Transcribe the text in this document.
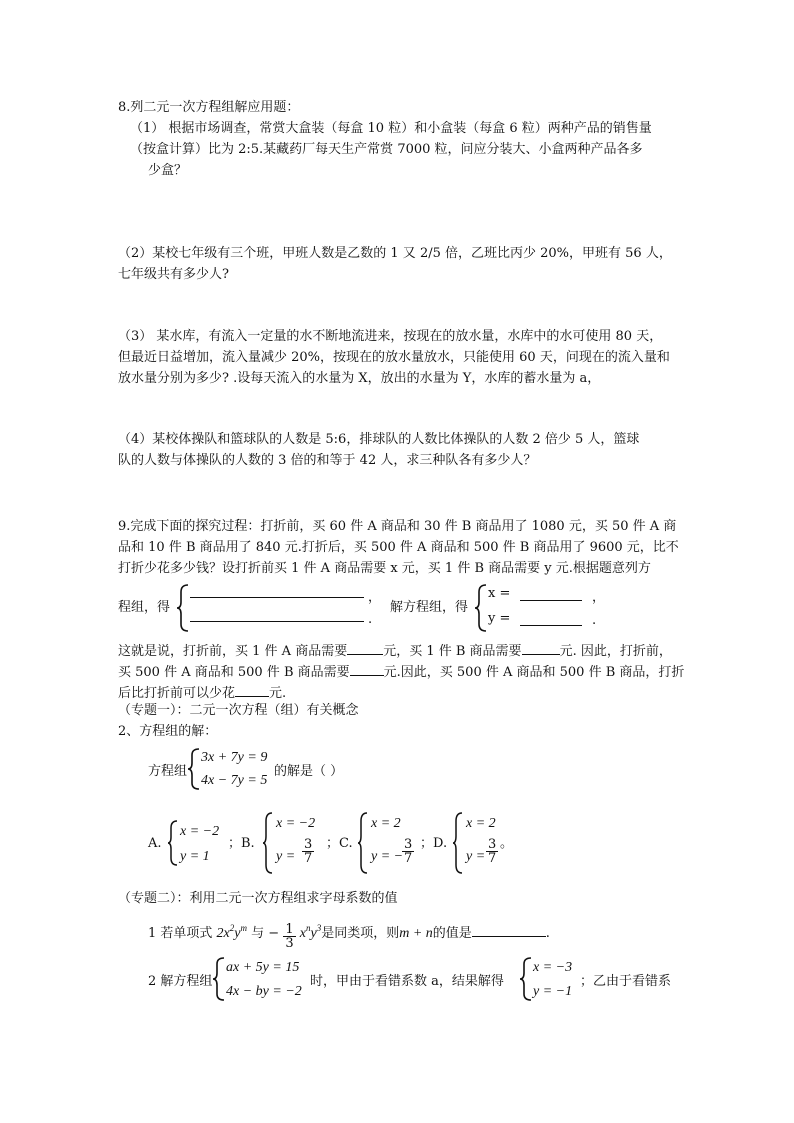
8.列二元一次方程组解应用题：
（1） 根据市场调查，常赏大盒装（每盒 10 粒）和小盒装（每盒 6 粒）两种产品的销售量
（按盒计算）比为 2:5.某藏药厂每天生产常赏 7000 粒，问应分装大、小盒两种产品各多
少盒？
（2）某校七年级有三个班，甲班人数是乙数的 1 又 2/5 倍，乙班比丙少 20%，甲班有 56 人，
七年级共有多少人?
（3） 某水库，有流入一定量的水不断地流进来，按现在的放水量，水库中的水可使用 80 天，
但最近日益增加，流入量减少 20%，按现在的放水量放水，只能使用 60 天，问现在的流入量和
放水量分别为多少? .设每天流入的水量为 X，放出的水量为 Y，水库的蓄水量为 a，
（4）某校体操队和篮球队的人数是 5:6，排球队的人数比体操队的人数 2 倍少 5 人，篮球
队的人数与体操队的人数的 3 倍的和等于 42 人，求三种队各有多少人？
9.完成下面的探究过程：打折前，买 60 件 A 商品和 30 件 B 商品用了 1080 元，买 50 件 A 商
品和 10 件 B 商品用了 840 元.打折后，买 500 件 A 商品和 500 件 B 商品用了 9600 元，比不
打折少花多少钱？设打折前买 1 件 A 商品需要 x 元，买 1 件 B 商品需要 y 元.根据题意列方
程组，得
，
.
解方程组，得
x =	，
y =	.
这就是说，打折前，买 1 件 A 商品需要	元，买 1 件 B 商品需要	元. 因此，打折前，
买 500 件 A 商品和 500 件 B 商品需要	元.因此，买 500 件 A 商品和 500 件 B 商品，打折
后比打折前可以少花	元.
（专题一）：二元一次方程（组）有关概念
2、方程组的解：
方程组
3x + 7y = 9
4x − 7y = 5
的解是（ ）
A.
x = −2
y = 1
；B.
x = −2
$y = \frac{3}{7}$ ；C.
x = 2
y = −
$\frac{3}{7}$ ；D.
x = 2
$y = \frac{3}{7}$ 。
（专题二）：利用二元一次方程组求字母系数的值
1 若单项式 $2x^2y^m$ 与 − $\frac{1}{3} x^ny^3$是同类项，则m + n的值是	.
2 解方程组
ax + 5y = 15
4x − by = −2
时，甲由于看错系数 a，结果解得
x = −3
y = −1
；乙由于看错系
